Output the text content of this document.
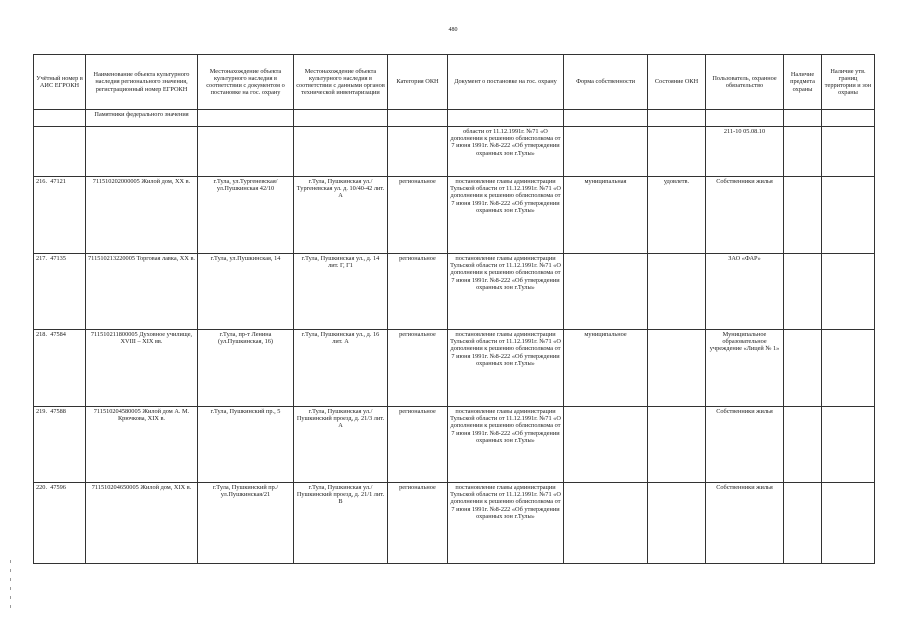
480
Учётный номер в АИС ЕГРОКН	Наименование объекта культурного наследия регионального значения, регистрационный номер ЕГРОКН	Местонахождение объекта культурного наследия в соответствии с документом о постановке на гос. охрану	Местонахождение объекта культурного наследия в соответствии с данными органов технической инвентаризации	Категория ОКН	Документ о постановке на гос. охрану	Форма собственности	Состояние ОКН	Пользователь, охранное обязательство	Наличие предмета охраны	Наличие утв. границ территории и зон охраны
	Памятники федерального значения									
					области от 11.12.1991г. №71 «О дополнении к решению облисполкома от 7 июня 1991г. №8-222 «Об утверждении охранных зон г.Тулы»			211-10 05.08.10		
216. 47121	711510202000005 Жилой дом, XX в.	г.Тула, ул.Тургеневская/ул.Пушкинская 42/10	г.Тула, Пушкинская ул./ Тургеневская ул. д. 10/40-42 лит. А	региональное	постановление главы администрации Тульской области от 11.12.1991г. №71 «О дополнении к решению облисполкома от 7 июня 1991г. №8-222 «Об утверждении охранных зон г.Тулы»	муниципальная	удовлетв.	Собственники жилья		
217. 47135	711510213220005 Торговая лавка, XX в.	г.Тула, ул.Пушкинская, 14	г.Тула, Пушкинская ул., д. 14 лит. Г, Г1	региональное	постановление главы администрации Тульской области от 11.12.1991г. №71 «О дополнении к решению облисполкома от 7 июня 1991г. №8-222 «Об утверждении охранных зон г.Тулы»			ЗАО «ФАР»		
218. 47584	711510211800005 Духовное училище, XVIII – XIX вв.	г.Тула, пр-т Ленина (ул.Пушкинская, 16)	г.Тула, Пушкинская ул., д. 16 лит. А	региональное	постановление главы администрации Тульской области от 11.12.1991г. №71 «О дополнении к решению облисполкома от 7 июня 1991г. №8-222 «Об утверждении охранных зон г.Тулы»	муниципальное		Муниципальное образовательное учреждение «Лицей № 1»		
219. 47588	711510204580005 Жилой дом А. М. Крючкова, XIX в.	г.Тула, Пушкинский пр., 5	г.Тула, Пушкинская ул./ Пушкинский проезд, д. 21/3 лит. А	региональное	постановление главы администрации Тульской области от 11.12.1991г. №71 «О дополнении к решению облисполкома от 7 июня 1991г. №8-222 «Об утверждении охранных зон г.Тулы»			Собственники жилья		
220. 47596	711510204650005 Жилой дом, XIX в.	г.Тула, Пушкинский пр./ул.Пушкинская/21	г.Тула, Пушкинская ул./ Пушкинский проезд, д. 21/1 лит. В	региональное	постановление главы администрации Тульской области от 11.12.1991г. №71 «О дополнении к решению облисполкома от 7 июня 1991г. №8-222 «Об утверждении охранных зон г.Тулы»			Собственники жилья		
